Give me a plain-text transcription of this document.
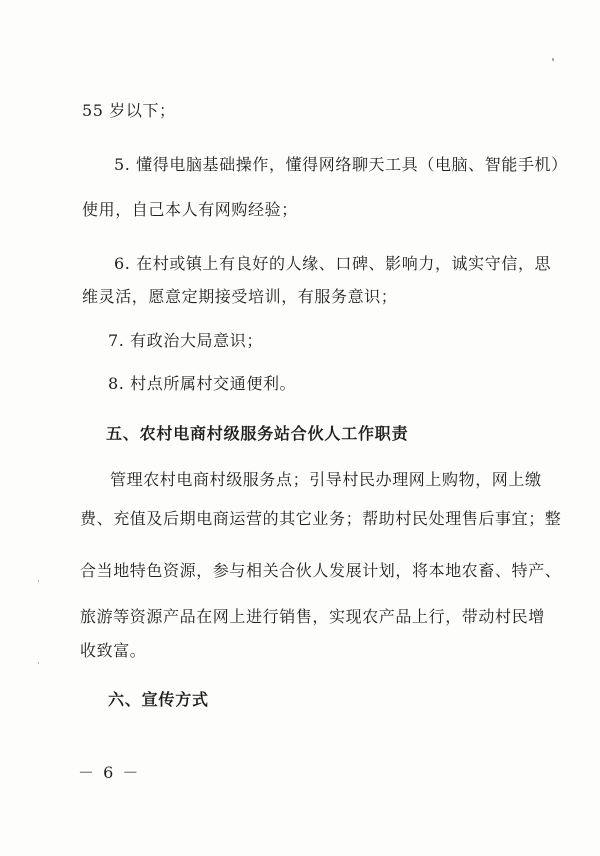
55 岁以下；
5. 懂得电脑基础操作，懂得网络聊天工具（电脑、智能手机）
使用，自己本人有网购经验；
6. 在村或镇上有良好的人缘、口碑、影响力，诚实守信，思
维灵活，愿意定期接受培训，有服务意识；
7. 有政治大局意识；
8. 村点所属村交通便利。
五、农村电商村级服务站合伙人工作职责
管理农村电商村级服务点；引导村民办理网上购物，网上缴
费、充值及后期电商运营的其它业务；帮助村民处理售后事宜；整
合当地特色资源，参与相关合伙人发展计划，将本地农畜、特产、
旅游等资源产品在网上进行销售，实现农产品上行，带动村民增
收致富。
六、宣传方式
－ 6 －
